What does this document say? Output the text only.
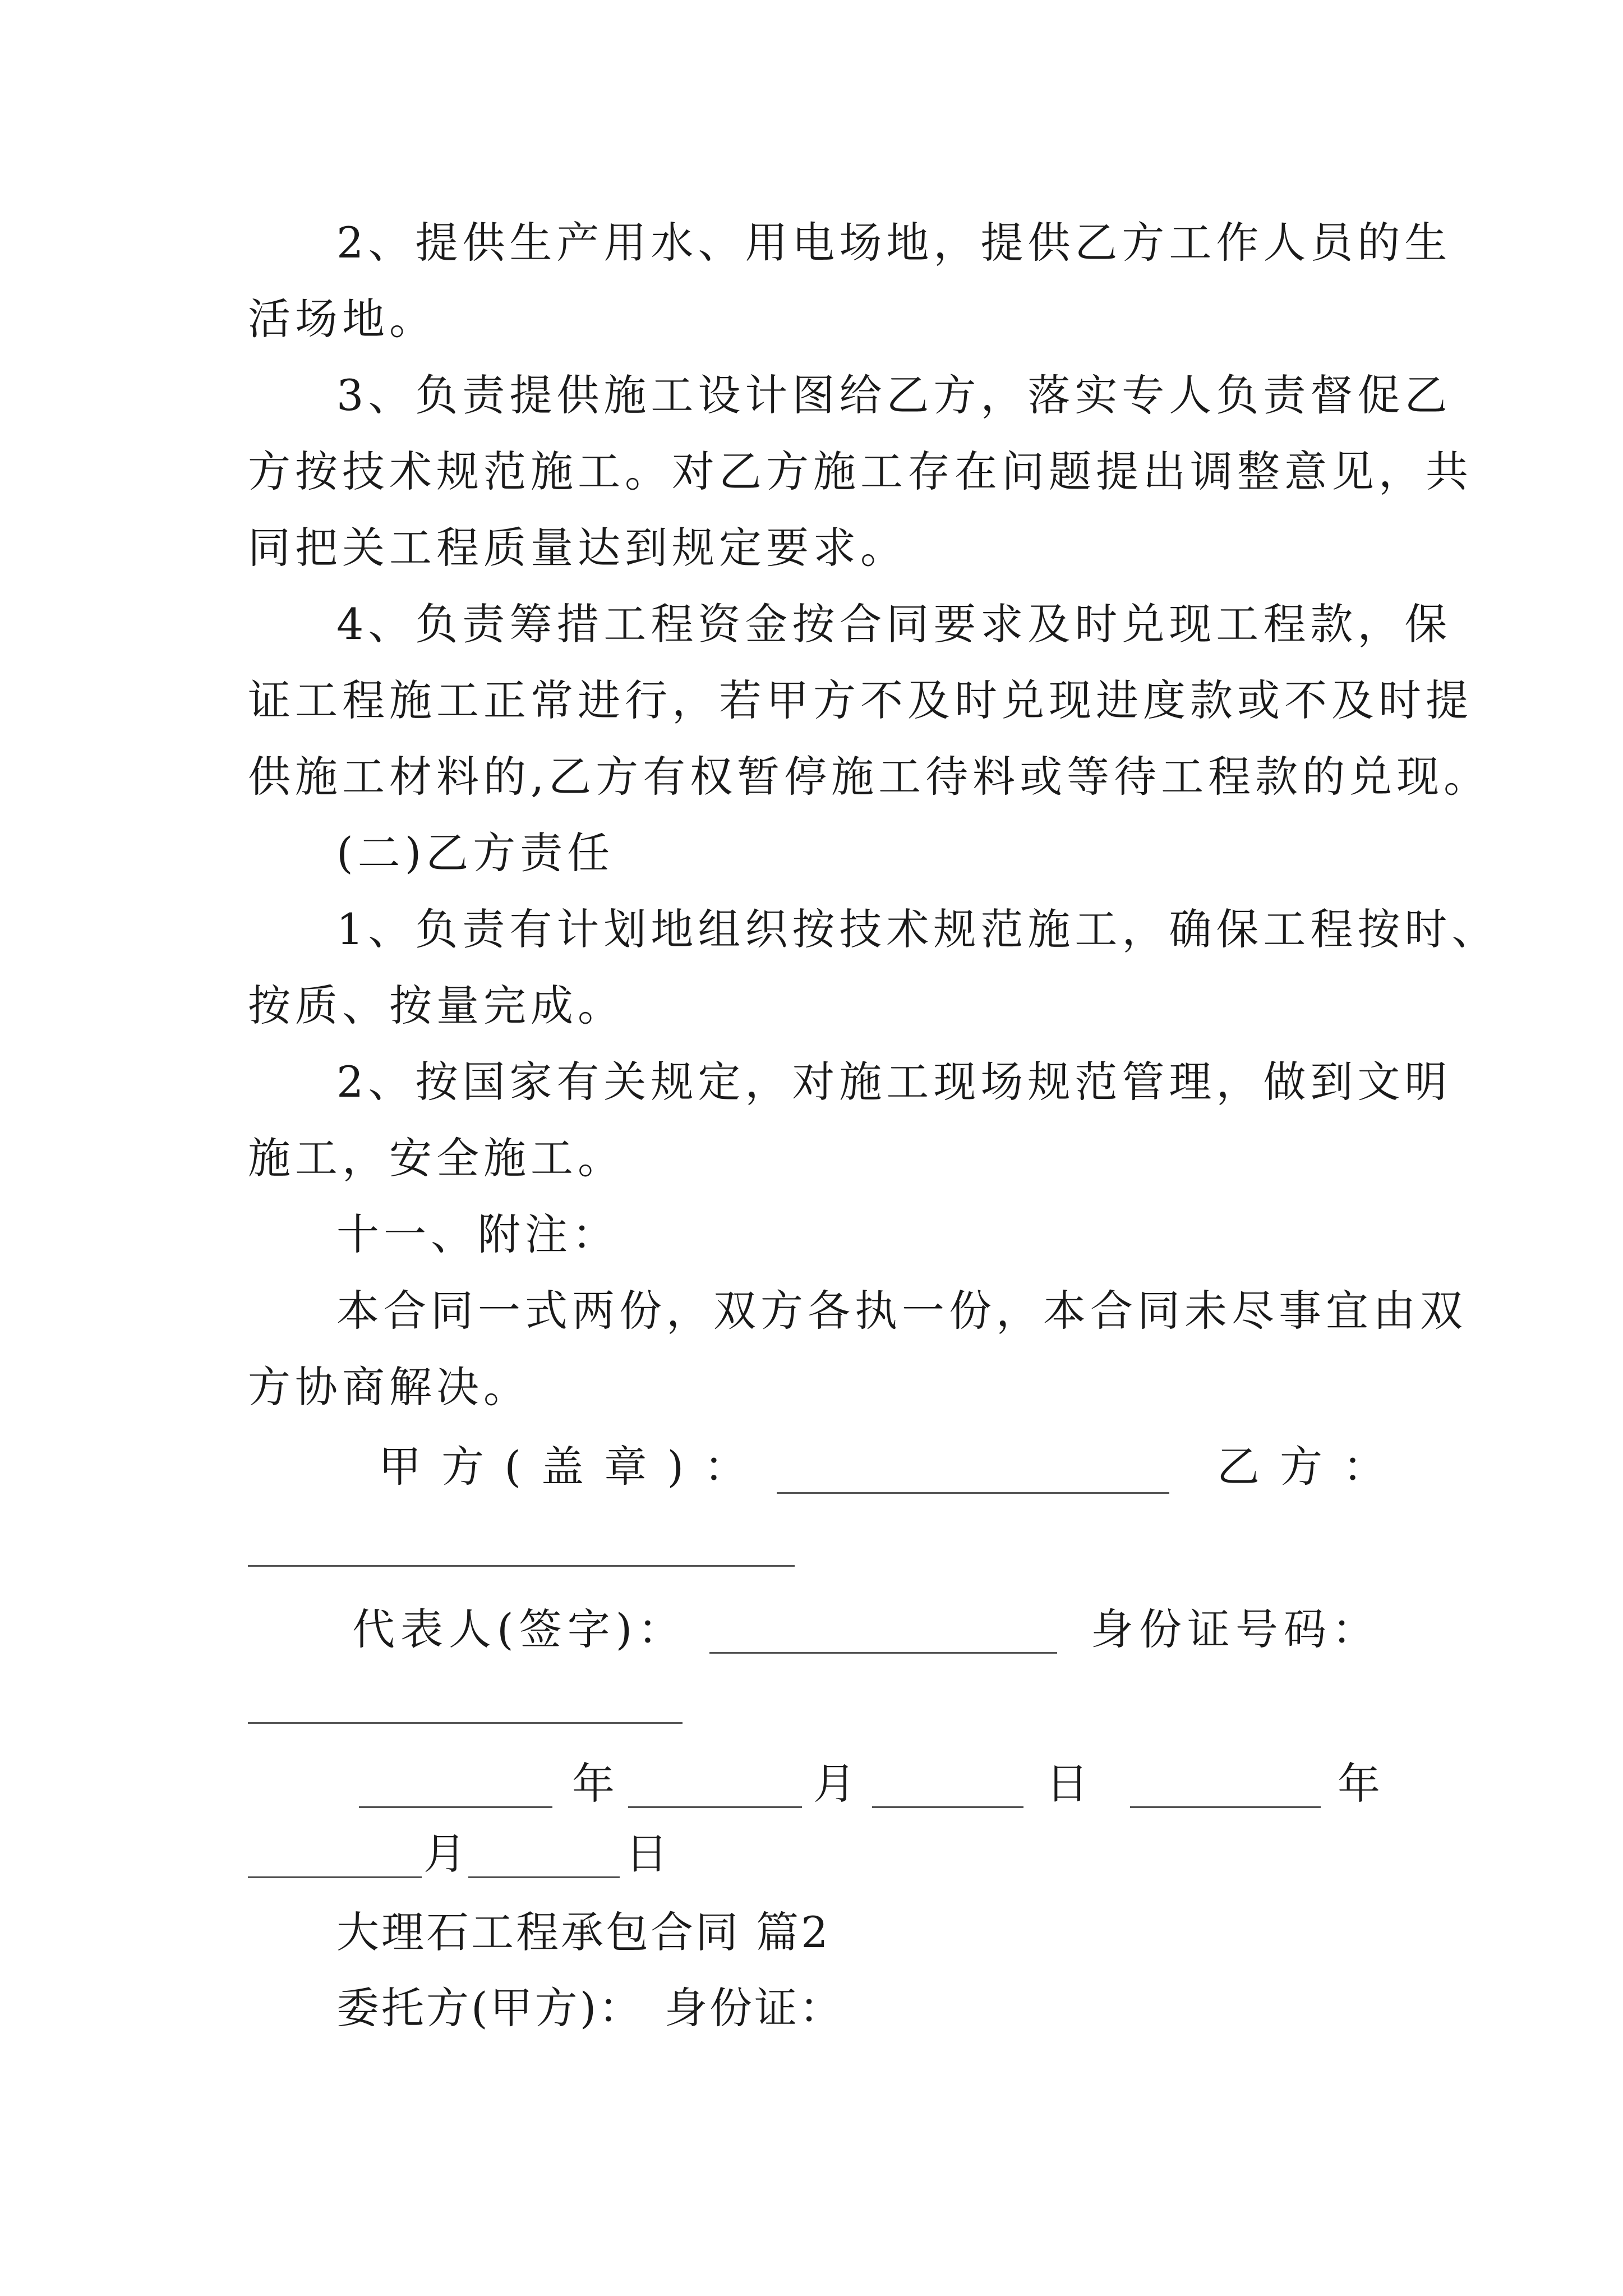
2、提供生产用水、用电场地，提供乙方工作人员的生
活场地。
3、负责提供施工设计图给乙方，落实专人负责督促乙
方按技术规范施工。对乙方施工存在问题提出调整意见，共
同把关工程质量达到规定要求。
4、负责筹措工程资金按合同要求及时兑现工程款，保
证工程施工正常进行，若甲方不及时兑现进度款或不及时提
供施工材料的,乙方有权暂停施工待料或等待工程款的兑现。
(二)乙方责任
1、负责有计划地组织按技术规范施工，确保工程按时、
按质、按量完成。
2、按国家有关规定，对施工现场规范管理，做到文明
施工，安全施工。
十一、附注：
本合同一式两份，双方各执一份，本合同未尽事宜由双
方协商解决。
甲 方 ( 盖 章 ) ：	乙 方 ：
代表人(签字)：	身份证号码：
年	月	日	年
月	日
大理石工程承包合同 篇2
委托方(甲方)： 身份证：
